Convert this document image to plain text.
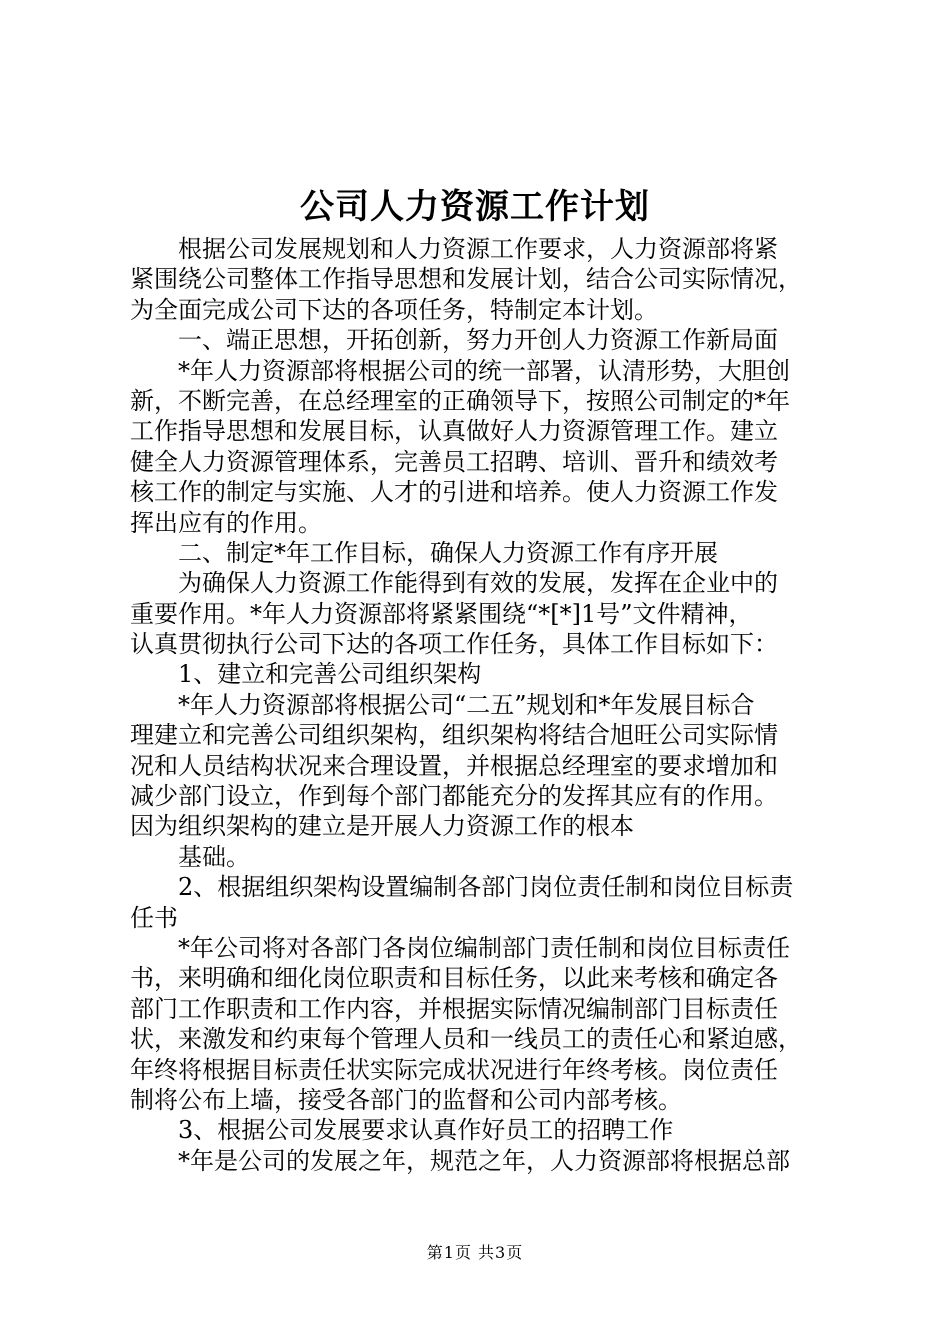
公司人力资源工作计划
根据公司发展规划和人力资源工作要求，人力资源部将紧
紧围绕公司整体工作指导思想和发展计划，结合公司实际情况，
为全面完成公司下达的各项任务，特制定本计划。
一、端正思想，开拓创新，努力开创人力资源工作新局面
*年人力资源部将根据公司的统一部署，认清形势，大胆创
新，不断完善，在总经理室的正确领导下，按照公司制定的*年
工作指导思想和发展目标，认真做好人力资源管理工作。建立
健全人力资源管理体系，完善员工招聘、培训、晋升和绩效考
核工作的制定与实施、人才的引进和培养。使人力资源工作发
挥出应有的作用。
二、制定*年工作目标，确保人力资源工作有序开展
为确保人力资源工作能得到有效的发展，发挥在企业中的
重要作用。*年人力资源部将紧紧围绕“*[*]1号”文件精神，
认真贯彻执行公司下达的各项工作任务，具体工作目标如下：
1、建立和完善公司组织架构
*年人力资源部将根据公司“二五”规划和*年发展目标合
理建立和完善公司组织架构，组织架构将结合旭旺公司实际情
况和人员结构状况来合理设置，并根据总经理室的要求增加和
减少部门设立，作到每个部门都能充分的发挥其应有的作用。
因为组织架构的建立是开展人力资源工作的根本
基础。
2、根据组织架构设置编制各部门岗位责任制和岗位目标责
任书
*年公司将对各部门各岗位编制部门责任制和岗位目标责任
书，来明确和细化岗位职责和目标任务，以此来考核和确定各
部门工作职责和工作内容，并根据实际情况编制部门目标责任
状，来激发和约束每个管理人员和一线员工的责任心和紧迫感，
年终将根据目标责任状实际完成状况进行年终考核。岗位责任
制将公布上墙，接受各部门的监督和公司内部考核。
3、根据公司发展要求认真作好员工的招聘工作
*年是公司的发展之年，规范之年，人力资源部将根据总部
第1页 共3页
